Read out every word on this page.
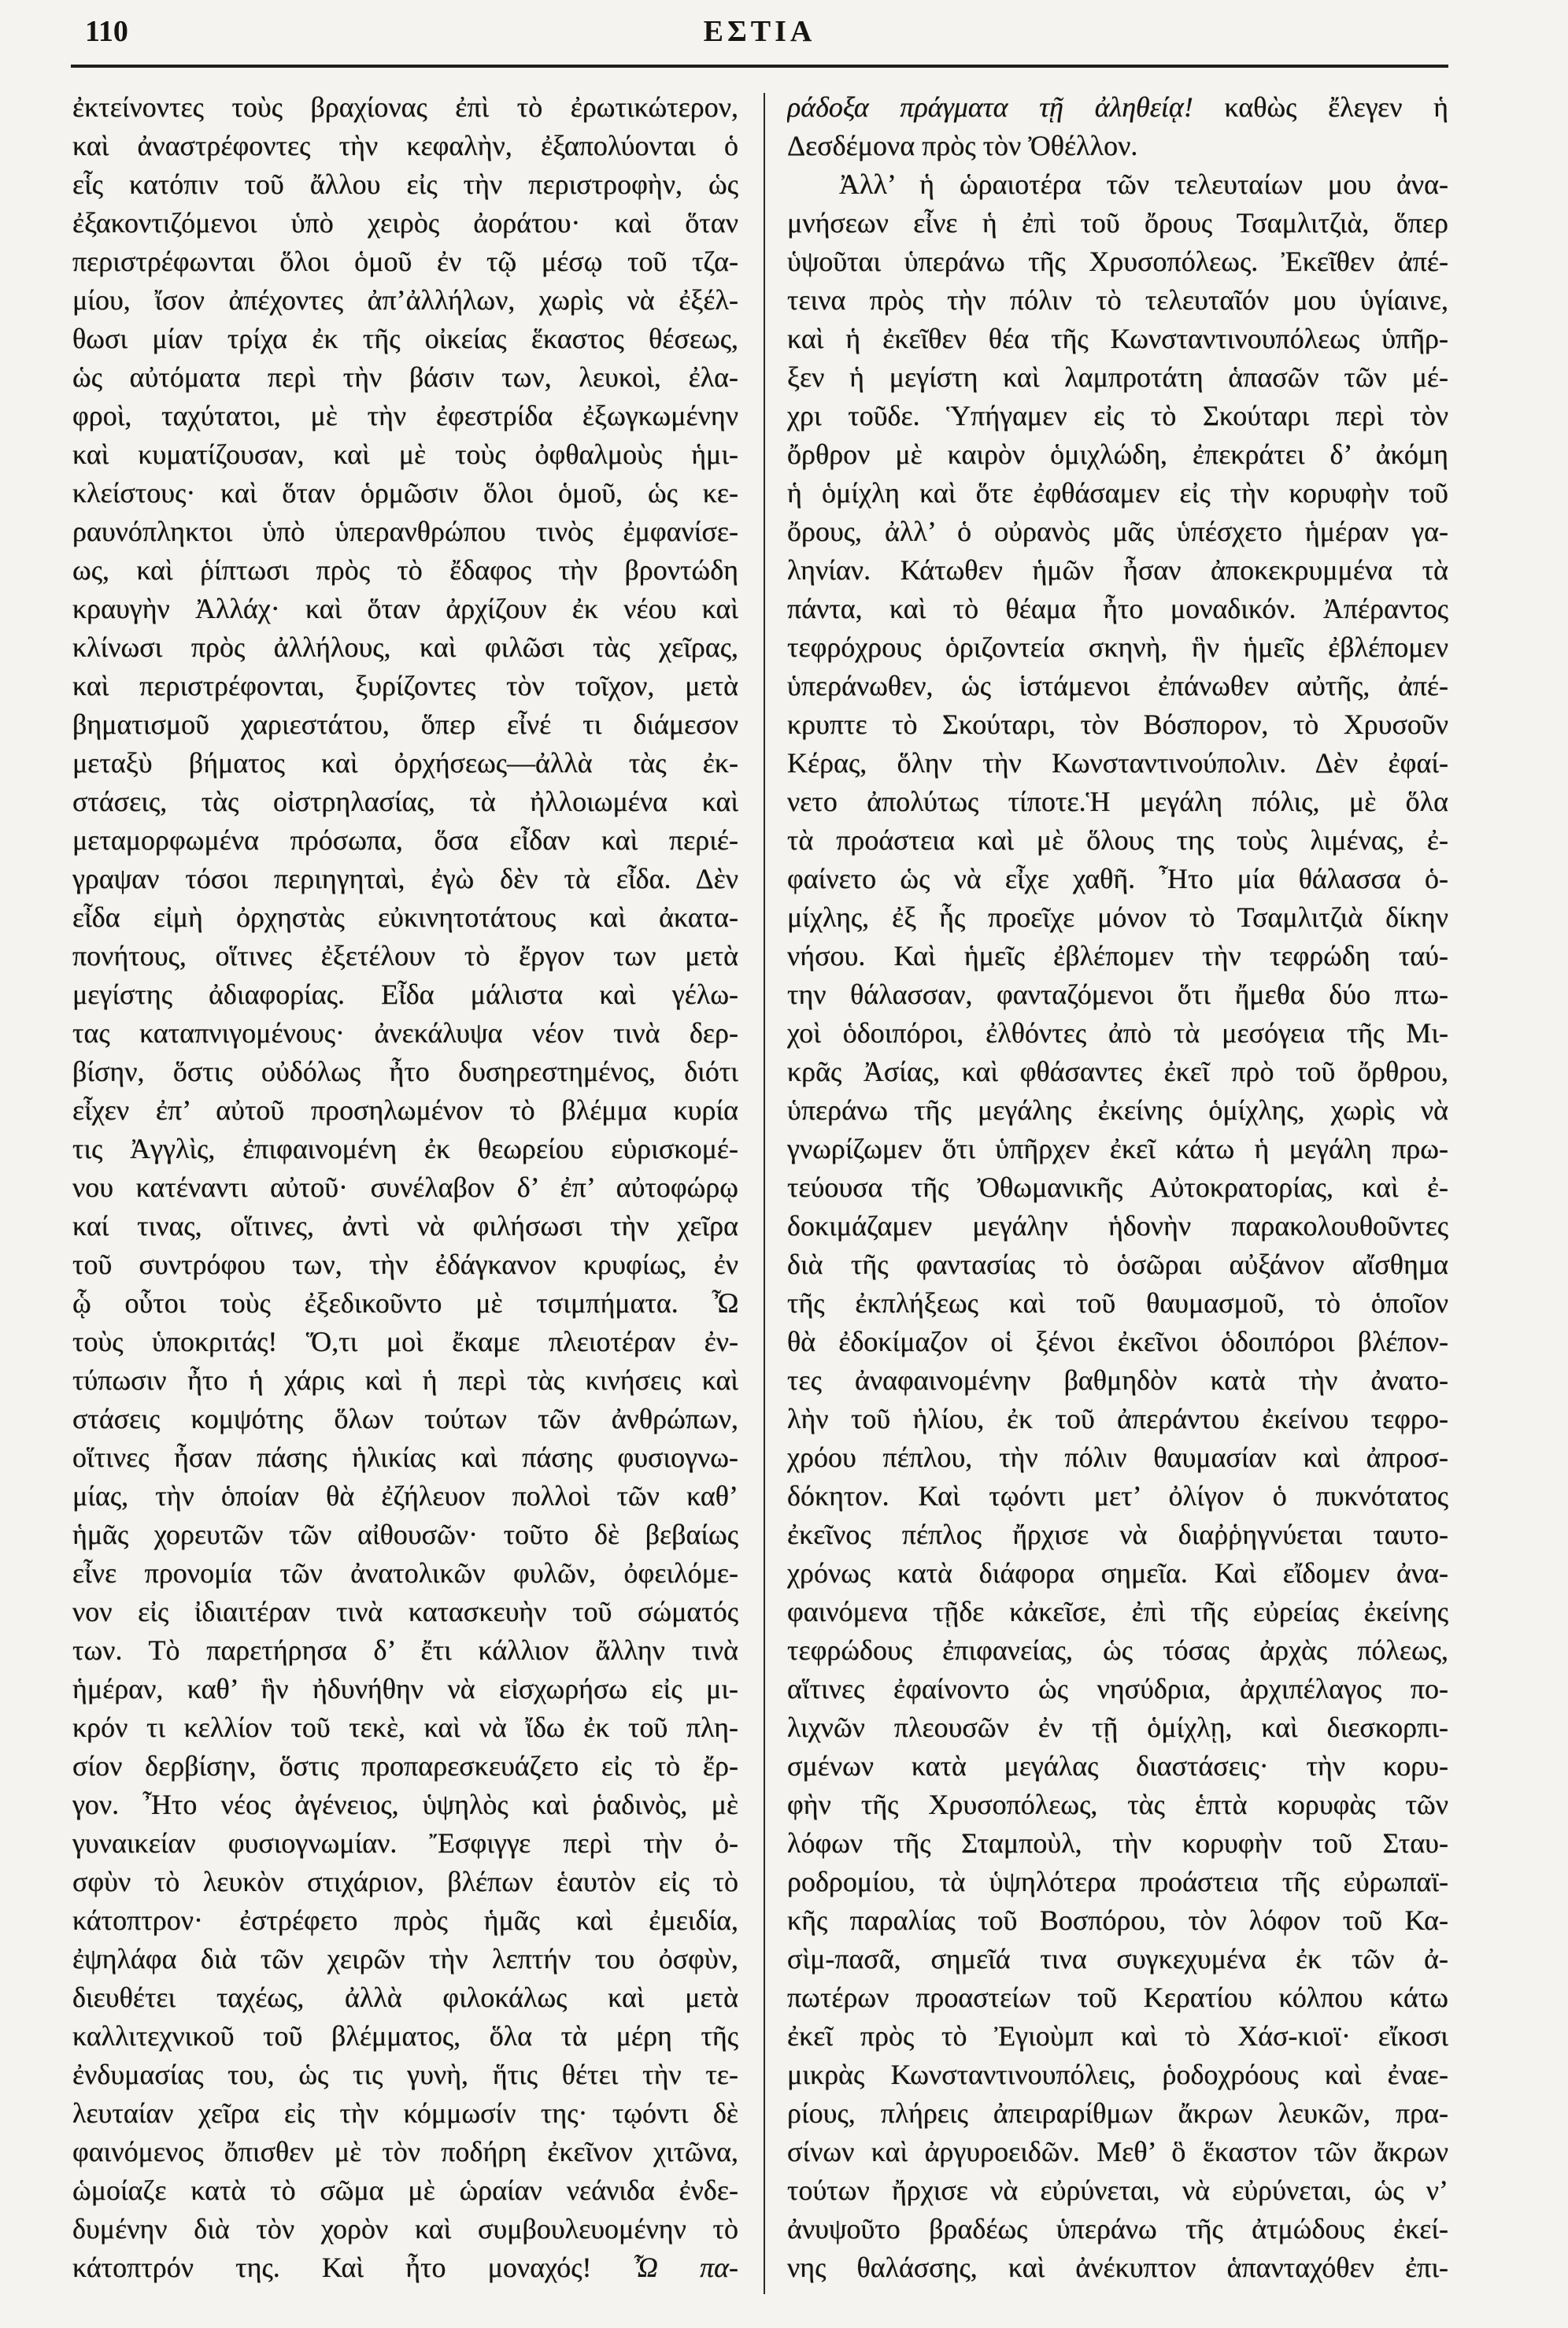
110	ΕΣΤΙΑ
ἐκτείνοντες τοὺς βραχίονας ἐπὶ τὸ ἐρωτικώτερον,
καὶ ἀναστρέφοντες τὴν κεφαλὴν, ἐξαπολύονται ὁ
εἷς κατόπιν τοῦ ἄλλου εἰς τὴν περιστροφὴν, ὡς
ἐξακοντιζόμενοι ὑπὸ χειρὸς ἀοράτου· καὶ ὅταν
περιστρέφωνται ὅλοι ὁμοῦ ἐν τῷ μέσῳ τοῦ τζα-
μίου, ἴσον ἀπέχοντες ἀπ’ἀλλήλων, χωρὶς νὰ ἐξέλ-
θωσι μίαν τρίχα ἐκ τῆς οἰκείας ἕκαστος θέσεως,
ὡς αὐτόματα περὶ τὴν βάσιν των, λευκοὶ, ἐλα-
φροὶ, ταχύτατοι, μὲ τὴν ἐφεστρίδα ἐξωγκωμένην
καὶ κυματίζουσαν, καὶ μὲ τοὺς ὀφθαλμοὺς ἡμι-
κλείστους· καὶ ὅταν ὁρμῶσιν ὅλοι ὁμοῦ, ὡς κε-
ραυνόπληκτοι ὑπὸ ὑπερανθρώπου τινὸς ἐμφανίσε-
ως, καὶ ῥίπτωσι πρὸς τὸ ἔδαφος τὴν βροντώδη
κραυγὴν Ἀλλάχ· καὶ ὅταν ἀρχίζουν ἐκ νέου καὶ
κλίνωσι πρὸς ἀλλήλους, καὶ φιλῶσι τὰς χεῖρας,
καὶ περιστρέφονται, ξυρίζοντες τὸν τοῖχον, μετὰ
βηματισμοῦ χαριεστάτου, ὅπερ εἶνέ τι διάμεσον
μεταξὺ βήματος καὶ ὀρχήσεως—ἀλλὰ τὰς ἐκ-
στάσεις, τὰς οἰστρηλασίας, τὰ ἠλλοιωμένα καὶ
μεταμορφωμένα πρόσωπα, ὅσα εἶδαν καὶ περιέ-
γραψαν τόσοι περιηγηταὶ, ἐγὼ δὲν τὰ εἶδα. Δὲν
εἶδα εἰμὴ ὀρχηστὰς εὐκινητοτάτους καὶ ἀκατα-
πονήτους, οἵτινες ἐξετέλουν τὸ ἔργον των μετὰ
μεγίστης ἀδιαφορίας. Εἶδα μάλιστα καὶ γέλω-
τας καταπνιγομένους· ἀνεκάλυψα νέον τινὰ δερ-
βίσην, ὅστις οὐδόλως ἦτο δυσηρεστημένος, διότι
εἶχεν ἐπ’ αὐτοῦ προσηλωμένον τὸ βλέμμα κυρία
τις Ἀγγλὶς, ἐπιφαινομένη ἐκ θεωρείου εὑρισκομέ-
νου κατέναντι αὐτοῦ· συνέλαβον δ’ ἐπ’ αὐτοφώρῳ
καί τινας, οἵτινες, ἀντὶ νὰ φιλήσωσι τὴν χεῖρα
τοῦ συντρόφου των, τὴν ἐδάγκανον κρυφίως, ἐν
ᾧ οὗτοι τοὺς ἐξεδικοῦντο μὲ τσιμπήματα. Ὦ
τοὺς ὑποκριτάς! Ὅ,τι μοὶ ἔκαμε πλειοτέραν ἐν-
τύπωσιν ἦτο ἡ χάρις καὶ ἡ περὶ τὰς κινήσεις καὶ
στάσεις κομψότης ὅλων τούτων τῶν ἀνθρώπων,
οἵτινες ἦσαν πάσης ἡλικίας καὶ πάσης φυσιογνω-
μίας, τὴν ὁποίαν θὰ ἐζήλευον πολλοὶ τῶν καθ’
ἡμᾶς χορευτῶν τῶν αἰθουσῶν· τοῦτο δὲ βεβαίως
εἶνε προνομία τῶν ἀνατολικῶν φυλῶν, ὀφειλόμε-
νον εἰς ἰδιαιτέραν τινὰ κατασκευὴν τοῦ σώματός
των. Τὸ παρετήρησα δ’ ἔτι κάλλιον ἄλλην τινὰ
ἡμέραν, καθ’ ἣν ἠδυνήθην νὰ εἰσχωρήσω εἰς μι-
κρόν τι κελλίον τοῦ τεκὲ, καὶ νὰ ἴδω ἐκ τοῦ πλη-
σίον δερβίσην, ὅστις προπαρεσκευάζετο εἰς τὸ ἔρ-
γον. Ἦτο νέος ἀγένειος, ὑψηλὸς καὶ ῥαδινὸς, μὲ
γυναικείαν φυσιογνωμίαν. Ἔσφιγγε περὶ τὴν ὀ-
σφὺν τὸ λευκὸν στιχάριον, βλέπων ἑαυτὸν εἰς τὸ
κάτοπτρον· ἐστρέφετο πρὸς ἡμᾶς καὶ ἐμειδία,
ἐψηλάφα διὰ τῶν χειρῶν τὴν λεπτήν του ὀσφὺν,
διευθέτει ταχέως, ἀλλὰ φιλοκάλως καὶ μετὰ
καλλιτεχνικοῦ τοῦ βλέμματος, ὅλα τὰ μέρη τῆς
ἐνδυμασίας του, ὡς τις γυνὴ, ἥτις θέτει τὴν τε-
λευταίαν χεῖρα εἰς τὴν κόμμωσίν της· τῳόντι δὲ
φαινόμενος ὄπισθεν μὲ τὸν ποδήρη ἐκεῖνον χιτῶνα,
ὡμοίαζε κατὰ τὸ σῶμα μὲ ὡραίαν νεάνιδα ἐνδε-
δυμένην διὰ τὸν χορὸν καὶ συμβουλευομένην τὸ
κάτοπτρόν της. Καὶ ἦτο μοναχός! Ὦ πα-
ράδοξα πράγματα τῇ ἀληθείᾳ! καθὼς ἔλεγεν ἡ
Δεσδέμονα πρὸς τὸν Ὀθέλλον.
Ἀλλ’ ἡ ὡραιοτέρα τῶν τελευταίων μου ἀνα-
μνήσεων εἶνε ἡ ἐπὶ τοῦ ὄρους Τσαμλιτζιὰ, ὅπερ
ὑψοῦται ὑπεράνω τῆς Χρυσοπόλεως. Ἐκεῖθεν ἀπέ-
τεινα πρὸς τὴν πόλιν τὸ τελευταῖόν μου ὑγίαινε,
καὶ ἡ ἐκεῖθεν θέα τῆς Κωνσταντινουπόλεως ὑπῆρ-
ξεν ἡ μεγίστη καὶ λαμπροτάτη ἁπασῶν τῶν μέ-
χρι τοῦδε. Ὑπήγαμεν εἰς τὸ Σκούταρι περὶ τὸν
ὄρθρον μὲ καιρὸν ὁμιχλώδη, ἐπεκράτει δ’ ἀκόμη
ἡ ὁμίχλη καὶ ὅτε ἐφθάσαμεν εἰς τὴν κορυφὴν τοῦ
ὄρους, ἀλλ’ ὁ οὐρανὸς μᾶς ὑπέσχετο ἡμέραν γα-
ληνίαν. Κάτωθεν ἡμῶν ἦσαν ἀποκεκρυμμένα τὰ
πάντα, καὶ τὸ θέαμα ἦτο μοναδικόν. Ἀπέραντος
τεφρόχρους ὁριζοντεία σκηνὴ, ἣν ἡμεῖς ἐβλέπομεν
ὑπεράνωθεν, ὡς ἱστάμενοι ἐπάνωθεν αὐτῆς, ἀπέ-
κρυπτε τὸ Σκούταρι, τὸν Βόσπορον, τὸ Χρυσοῦν
Κέρας, ὅλην τὴν Κωνσταντινούπολιν. Δὲν ἐφαί-
νετο ἀπολύτως τίποτε.Ἡ μεγάλη πόλις, μὲ ὅλα
τὰ προάστεια καὶ μὲ ὅλους της τοὺς λιμένας, ἐ-
φαίνετο ὡς νὰ εἶχε χαθῆ. Ἦτο μία θάλασσα ὁ-
μίχλης, ἐξ ἧς προεῖχε μόνον τὸ Τσαμλιτζιὰ δίκην
νήσου. Καὶ ἡμεῖς ἐβλέπομεν τὴν τεφρώδη ταύ-
την θάλασσαν, φανταζόμενοι ὅτι ἤμεθα δύο πτω-
χοὶ ὁδοιπόροι, ἐλθόντες ἀπὸ τὰ μεσόγεια τῆς Μι-
κρᾶς Ἀσίας, καὶ φθάσαντες ἐκεῖ πρὸ τοῦ ὄρθρου,
ὑπεράνω τῆς μεγάλης ἐκείνης ὁμίχλης, χωρὶς νὰ
γνωρίζωμεν ὅτι ὑπῆρχεν ἐκεῖ κάτω ἡ μεγάλη πρω-
τεύουσα τῆς Ὀθωμανικῆς Αὐτοκρατορίας, καὶ ἐ-
δοκιμάζαμεν μεγάλην ἡδονὴν παρακολουθοῦντες
διὰ τῆς φαντασίας τὸ ὁσῶραι αὐξάνον αἴσθημα
τῆς ἐκπλήξεως καὶ τοῦ θαυμασμοῦ, τὸ ὁποῖον
θὰ ἐδοκίμαζον οἱ ξένοι ἐκεῖνοι ὁδοιπόροι βλέπον-
τες ἀναφαινομένην βαθμηδὸν κατὰ τὴν ἀνατο-
λὴν τοῦ ἡλίου, ἐκ τοῦ ἀπεράντου ἐκείνου τεφρο-
χρόου πέπλου, τὴν πόλιν θαυμασίαν καὶ ἀπροσ-
δόκητον. Καὶ τῳόντι μετ’ ὀλίγον ὁ πυκνότατος
ἐκεῖνος πέπλος ἤρχισε νὰ διαῤῥηγνύεται ταυτο-
χρόνως κατὰ διάφορα σημεῖα. Καὶ εἴδομεν ἀνα-
φαινόμενα τῇδε κἀκεῖσε, ἐπὶ τῆς εὐρείας ἐκείνης
τεφρώδους ἐπιφανείας, ὡς τόσας ἀρχὰς πόλεως,
αἵτινες ἐφαίνοντο ὡς νησύδρια, ἀρχιπέλαγος πο-
λιχνῶν πλεουσῶν ἐν τῇ ὁμίχλῃ, καὶ διεσκορπι-
σμένων κατὰ μεγάλας διαστάσεις· τὴν κορυ-
φὴν τῆς Χρυσοπόλεως, τὰς ἑπτὰ κορυφὰς τῶν
λόφων τῆς Σταμποὺλ, τὴν κορυφὴν τοῦ Σταυ-
ροδρομίου, τὰ ὑψηλότερα προάστεια τῆς εὐρωπαϊ-
κῆς παραλίας τοῦ Βοσπόρου, τὸν λόφον τοῦ Κα-
σὶμ-πασᾶ, σημεῖά τινα συγκεχυμένα ἐκ τῶν ἀ-
πωτέρων προαστείων τοῦ Κερατίου κόλπου κάτω
ἐκεῖ πρὸς τὸ Ἐγιοὺμπ καὶ τὸ Χάσ-κιοϊ· εἴκοσι
μικρὰς Κωνσταντινουπόλεις, ῥοδοχρόους καὶ ἐναε-
ρίους, πλήρεις ἀπειραρίθμων ἄκρων λευκῶν, πρα-
σίνων καὶ ἀργυροειδῶν. Μεθ’ ὃ ἕκαστον τῶν ἄκρων
τούτων ἤρχισε νὰ εὐρύνεται, νὰ εὐρύνεται, ὡς ν’
ἀνυψοῦτο βραδέως ὑπεράνω τῆς ἀτμώδους ἐκεί-
νης θαλάσσης, καὶ ἀνέκυπτον ἁπανταχόθεν ἐπι-
